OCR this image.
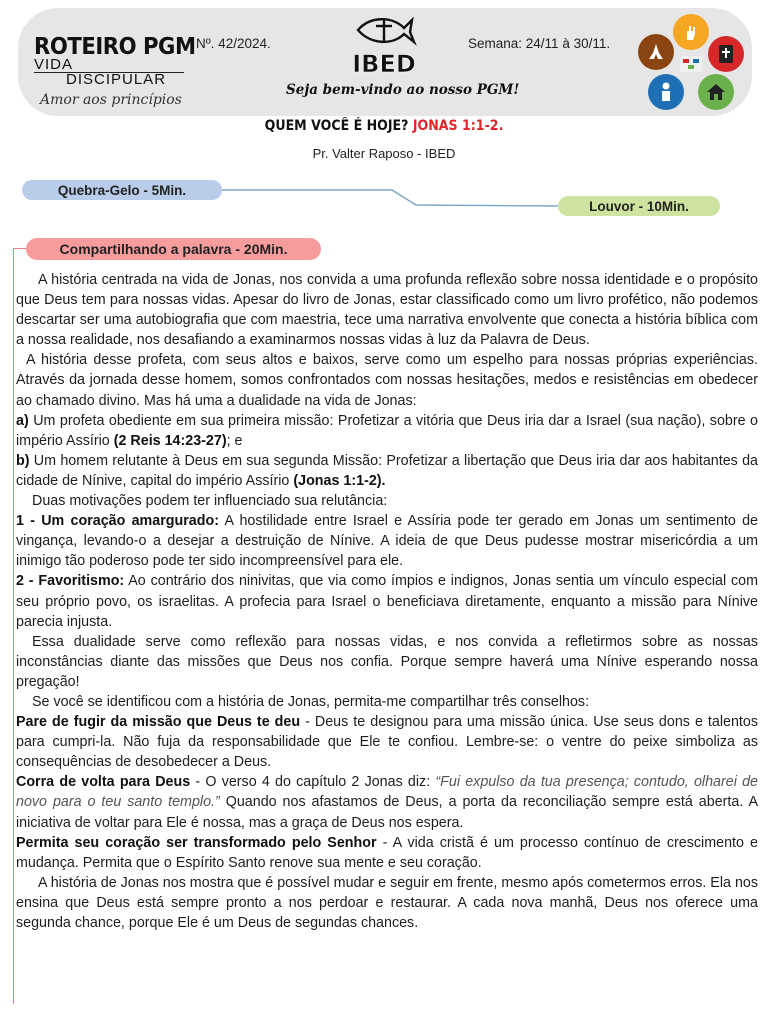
ROTEIRO PGM
VIDA
DISCIPULAR
Amor aos princípios
Nº. 42/2024.
IBED
Seja bem-vindo ao nosso PGM!
Semana: 24/11 à 30/11.
QUEM VOCÊ É HOJE? JONAS 1:1-2.
Pr. Valter Raposo - IBED
Quebra-Gelo - 5Min.
Louvor - 10Min.
Compartilhando a palavra - 20Min.

A história centrada na vida de Jonas, nos convida a uma profunda reflexão sobre nossa identidade e o propósito que Deus tem para nossas vidas. Apesar do livro de Jonas, estar classificado como um livro profético, não podemos descartar ser uma autobiografia que com maestria, tece uma narrativa envolvente que conecta a história bíblica com a nossa realidade, nos desafiando a examinarmos nossas vidas à luz da Palavra de Deus.

A história desse profeta, com seus altos e baixos, serve como um espelho para nossas próprias experiências. Através da jornada desse homem, somos confrontados com nossas hesitações, medos e resistências em obedecer ao chamado divino. Mas há uma a dualidade na vida de Jonas:

a) Um profeta obediente em sua primeira missão: Profetizar a vitória que Deus iria dar a Israel (sua nação), sobre o império Assírio (2 Reis 14:23-27); e

b) Um homem relutante à Deus em sua segunda Missão: Profetizar a libertação que Deus iria dar aos habitantes da cidade de Nínive, capital do império Assírio (Jonas 1:1-2).

Duas motivações podem ter influenciado sua relutância:

1 - Um coração amargurado: A hostilidade entre Israel e Assíria pode ter gerado em Jonas um sentimento de vingança, levando-o a desejar a destruição de Nínive. A ideia de que Deus pudesse mostrar misericórdia a um inimigo tão poderoso pode ter sido incompreensível para ele.

2 - Favoritismo: Ao contrário dos ninivitas, que via como ímpios e indignos, Jonas sentia um vínculo especial com seu próprio povo, os israelitas. A profecia para Israel o beneficiava diretamente, enquanto a missão para Nínive parecia injusta.

Essa dualidade serve como reflexão para nossas vidas, e nos convida a refletirmos sobre as nossas inconstâncias diante das missões que Deus nos confia. Porque sempre haverá uma Nínive esperando nossa pregação!

Se você se identificou com a história de Jonas, permita-me compartilhar três conselhos:

Pare de fugir da missão que Deus te deu - Deus te designou para uma missão única. Use seus dons e talentos para cumpri-la. Não fuja da responsabilidade que Ele te confiou. Lembre-se: o ventre do peixe simboliza as consequências de desobedecer a Deus.

Corra de volta para Deus - O verso 4 do capítulo 2 Jonas diz: “Fui expulso da tua presença; contudo, olharei de novo para o teu santo templo.” Quando nos afastamos de Deus, a porta da reconciliação sempre está aberta. A iniciativa de voltar para Ele é nossa, mas a graça de Deus nos espera.

Permita seu coração ser transformado pelo Senhor - A vida cristã é um processo contínuo de crescimento e mudança. Permita que o Espírito Santo renove sua mente e seu coração.

A história de Jonas nos mostra que é possível mudar e seguir em frente, mesmo após cometermos erros. Ela nos ensina que Deus está sempre pronto a nos perdoar e restaurar. A cada nova manhã, Deus nos oferece uma segunda chance, porque Ele é um Deus de segundas chances.
